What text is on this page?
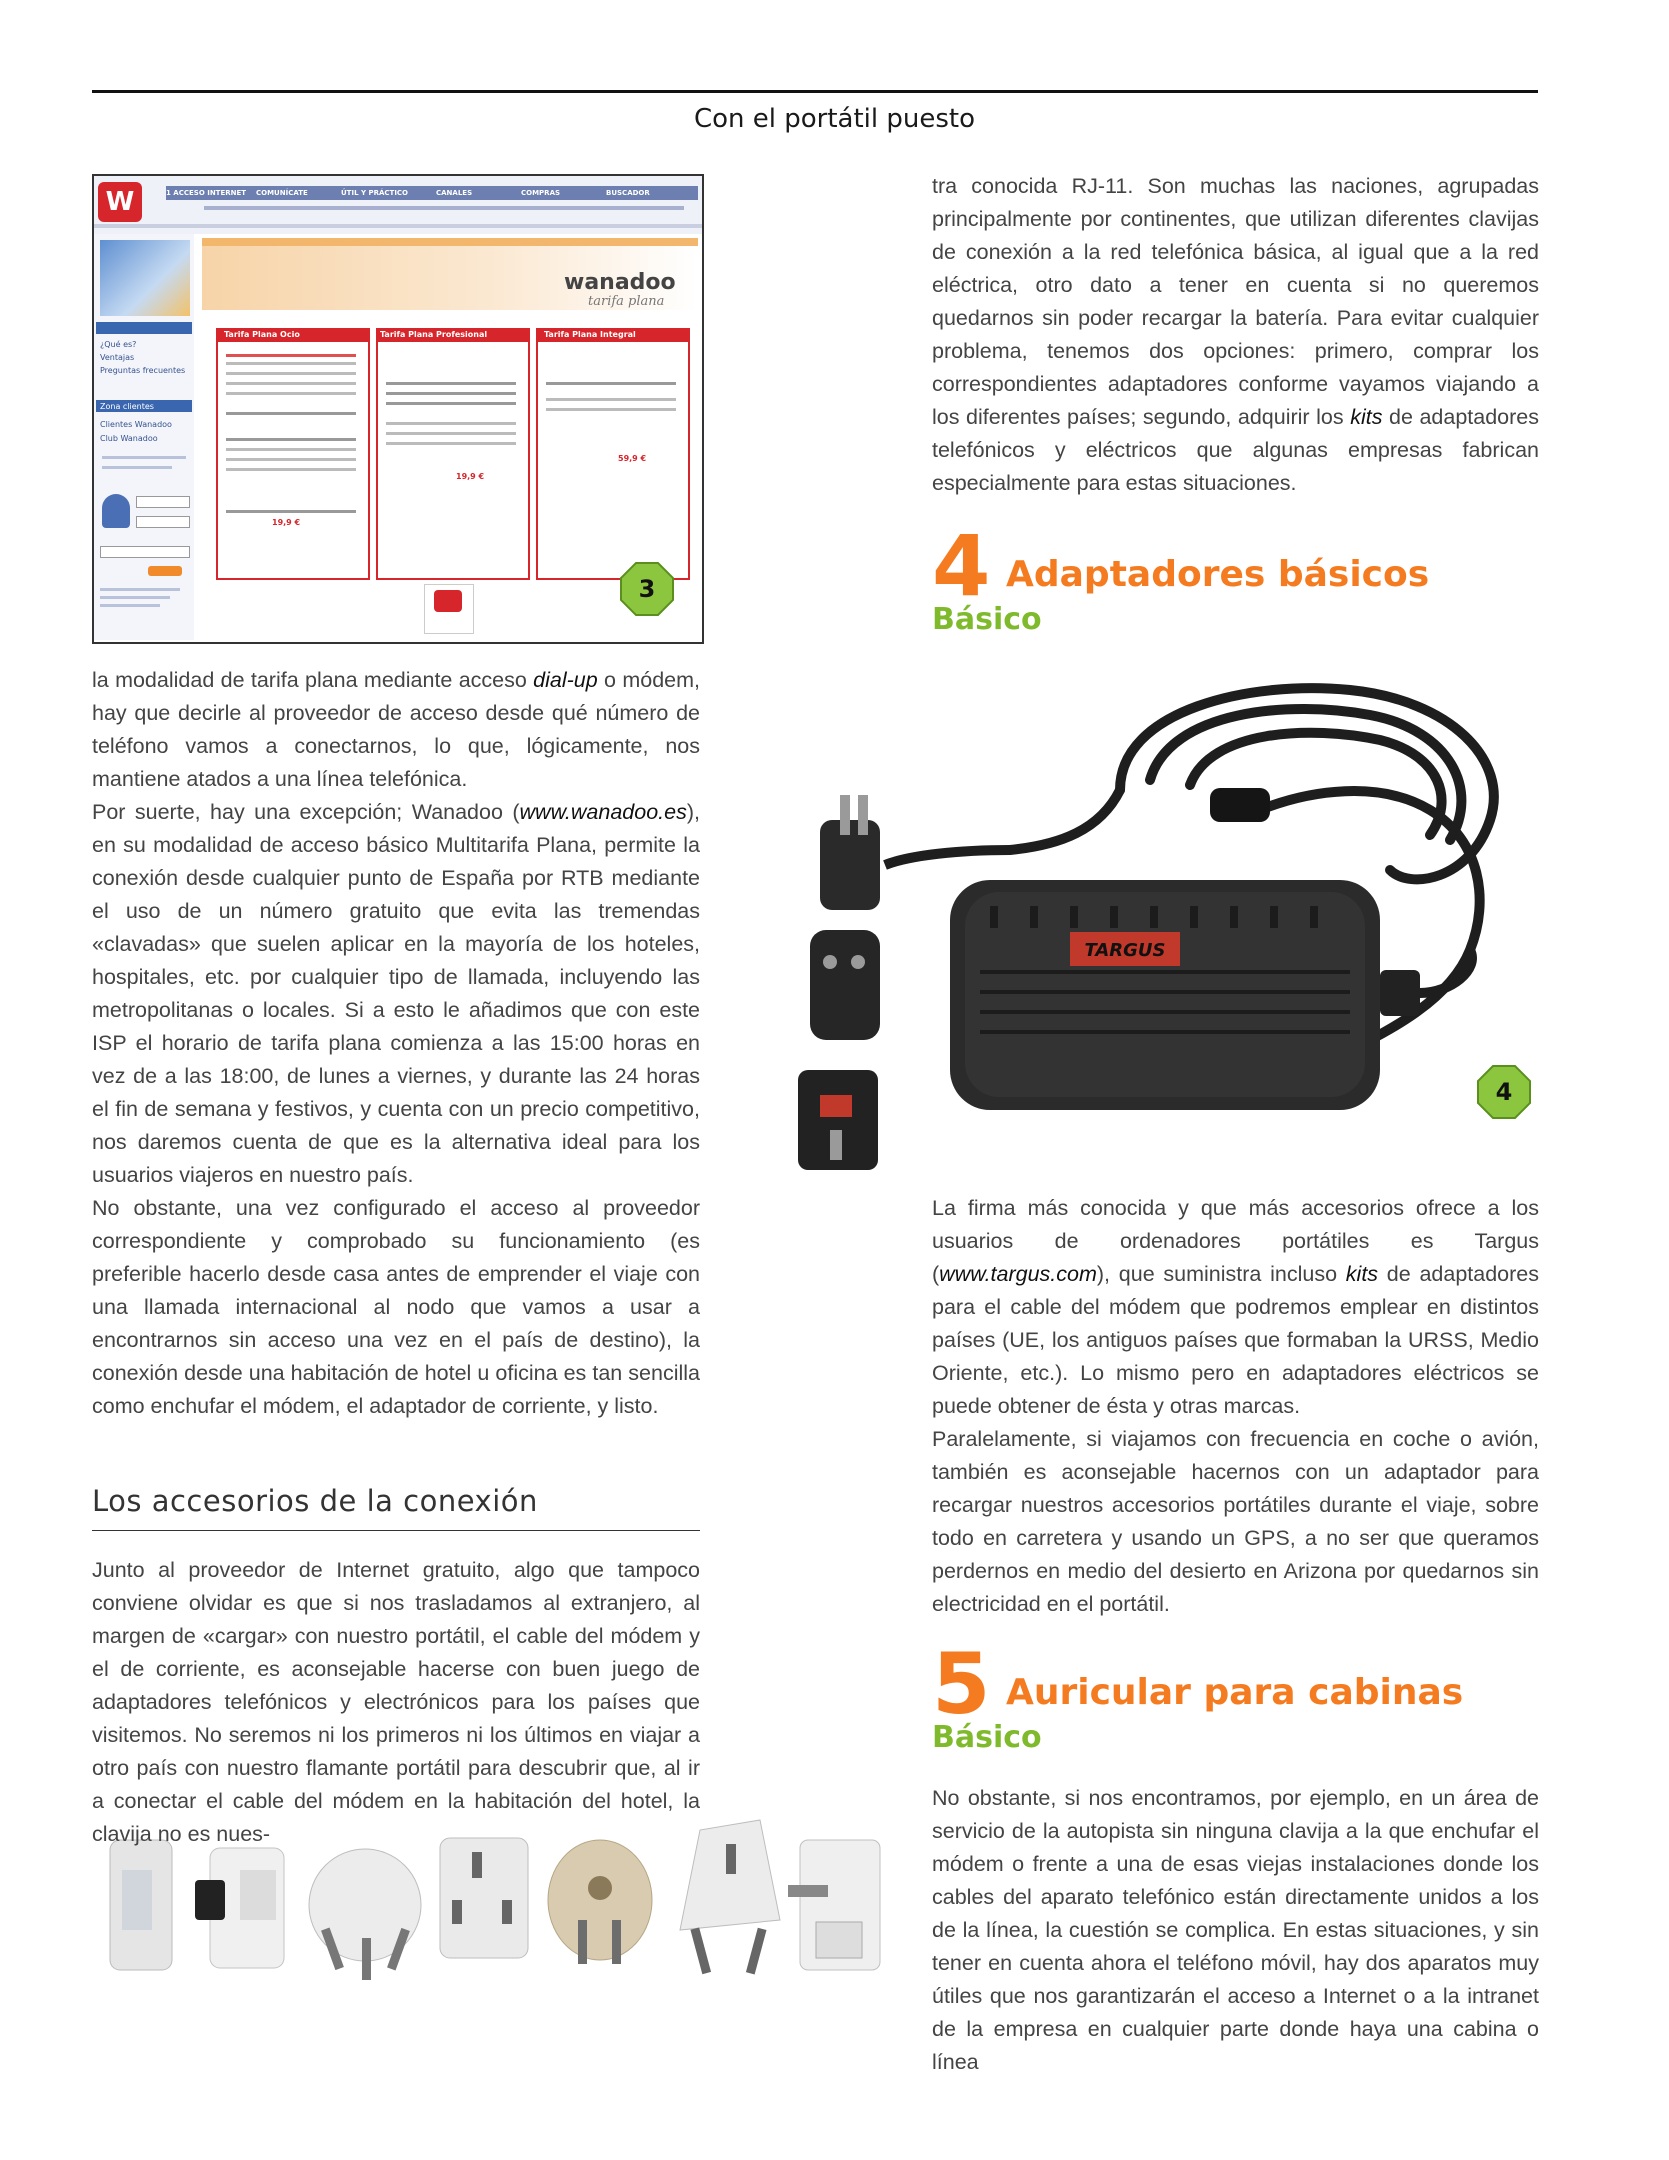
Con el portátil puesto
W	1 ACCESO INTERNET	COMUNÍCATE	ÚTIL Y PRÁCTICO	CANALES	COMPRAS	BUSCADOR
¿Qué es?
Ventajas
Preguntas frecuentes
Zona clientes
Clientes Wanadoo
Club Wanadoo
wanadoo
tarifa plana
Tarifa Plana Ocio
19,9 €
Tarifa Plana Profesional
19,9 €
Tarifa Plana Integral
59,9 €
3
TARGUS
4

la modalidad de tarifa plana mediante acceso dial-up o módem, hay que decirle al proveedor de acceso desde qué número de teléfono vamos a conectarnos, lo que, lógicamente, nos mantiene atados a una línea telefónica.

Por suerte, hay una excepción; Wanadoo (www.wanadoo.es), en su modalidad de acceso básico Multitarifa Plana, permite la conexión desde cualquier punto de España por RTB mediante el uso de un número gratuito que evita las tremendas «clavadas» que suelen aplicar en la mayoría de los hoteles, hospitales, etc. por cualquier tipo de llamada, incluyendo las metropolitanas o locales. Si a esto le añadimos que con este ISP el horario de tarifa plana comienza a las 15:00 horas en vez de a las 18:00, de lunes a viernes, y durante las 24 horas el fin de semana y festivos, y cuenta con un precio competitivo, nos daremos cuenta de que es la alternativa ideal para los usuarios viajeros en nuestro país.

No obstante, una vez configurado el acceso al proveedor correspondiente y comprobado su funcionamiento (es preferible hacerlo desde casa antes de emprender el viaje con una llamada internacional al nodo que vamos a usar a encontrarnos sin acceso una vez en el país de destino), la conexión desde una habitación de hotel u oficina es tan sencilla como enchufar el módem, el adaptador de corriente, y listo.

Los accesorios de la conexión

Junto al proveedor de Internet gratuito, algo que tampoco conviene olvidar es que si nos trasladamos al extranjero, al margen de «cargar» con nuestro portátil, el cable del módem y el de corriente, es aconsejable hacerse con buen juego de adaptadores telefónicos y electrónicos para los países que visitemos. No seremos ni los primeros ni los últimos en viajar a otro país con nuestro flamante portátil para descubrir que, al ir a conectar el cable del módem en la habitación del hotel, la clavija no es nues-

tra conocida RJ-11. Son muchas las naciones, agrupadas principalmente por continentes, que utilizan diferentes clavijas de conexión a la red telefónica básica, al igual que a la red eléctrica, otro dato a tener en cuenta si no queremos quedarnos sin poder recargar la batería. Para evitar cualquier problema, tenemos dos opciones: primero, comprar los correspondientes adaptadores conforme vayamos viajando a los diferentes países; segundo, adquirir los kits de adaptadores telefónicos y eléctricos que algunas empresas fabrican especialmente para estas situaciones.

4 Adaptadores básicos
Básico

La firma más conocida y que más accesorios ofrece a los usuarios de ordenadores portátiles es Targus (www.targus.com), que suministra incluso kits de adaptadores para el cable del módem que podremos emplear en distintos países (UE, los antiguos países que formaban la URSS, Medio Oriente, etc.). Lo mismo pero en adaptadores eléctricos se puede obtener de ésta y otras marcas.

Paralelamente, si viajamos con frecuencia en coche o avión, también es aconsejable hacernos con un adaptador para recargar nuestros accesorios portátiles durante el viaje, sobre todo en carretera y usando un GPS, a no ser que queramos perdernos en medio del desierto en Arizona por quedarnos sin electricidad en el portátil.

5 Auricular para cabinas
Básico

No obstante, si nos encontramos, por ejemplo, en un área de servicio de la autopista sin ninguna clavija a la que enchufar el módem o frente a una de esas viejas instalaciones donde los cables del aparato telefónico están directamente unidos a los de la línea, la cuestión se complica. En estas situaciones, y sin tener en cuenta ahora el teléfono móvil, hay dos aparatos muy útiles que nos garantizarán el acceso a Internet o a la intranet de la empresa en cualquier parte donde haya una cabina o línea
